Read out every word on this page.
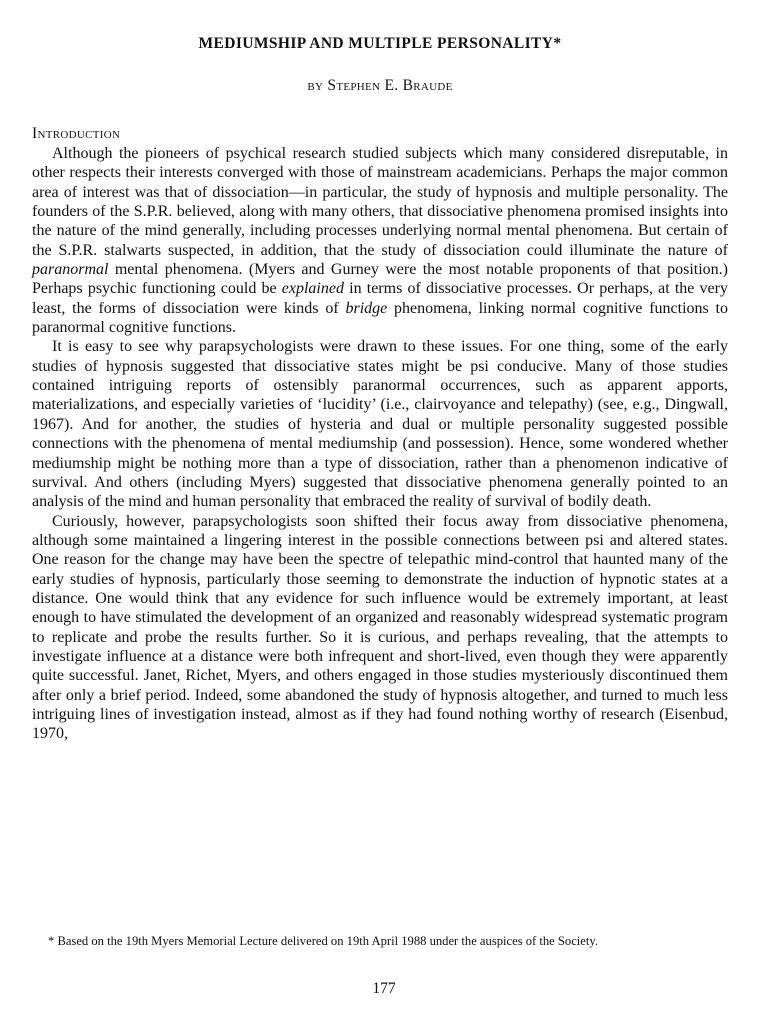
MEDIUMSHIP AND MULTIPLE PERSONALITY*
by Stephen E. Braude
Introduction

Although the pioneers of psychical research studied subjects which many considered disreputable, in other respects their interests converged with those of mainstream academicians. Perhaps the major common area of interest was that of dissociation—in particular, the study of hypnosis and multiple personality. The founders of the S.P.R. believed, along with many others, that dissociative phenomena promised insights into the nature of the mind generally, including processes underlying normal mental phenomena. But certain of the S.P.R. stalwarts suspected, in addition, that the study of dissociation could illuminate the nature of paranormal mental phenomena. (Myers and Gurney were the most notable proponents of that position.) Perhaps psychic functioning could be explained in terms of dissociative processes. Or perhaps, at the very least, the forms of dissociation were kinds of bridge phenomena, linking normal cognitive functions to paranormal cognitive functions.

It is easy to see why parapsychologists were drawn to these issues. For one thing, some of the early studies of hypnosis suggested that dissociative states might be psi conducive. Many of those studies contained intriguing reports of ostensibly paranormal occurrences, such as apparent apports, materializations, and especially varieties of ‘lucidity’ (i.e., clairvoyance and telepathy) (see, e.g., Dingwall, 1967). And for another, the studies of hysteria and dual or multiple personality suggested possible connections with the phenomena of mental mediumship (and possession). Hence, some wondered whether mediumship might be nothing more than a type of dissociation, rather than a phenomenon indicative of survival. And others (including Myers) suggested that dissociative phenomena generally pointed to an analysis of the mind and human personality that embraced the reality of survival of bodily death.

Curiously, however, parapsychologists soon shifted their focus away from dissociative phenomena, although some maintained a lingering interest in the possible connections between psi and altered states. One reason for the change may have been the spectre of telepathic mind-control that haunted many of the early studies of hypnosis, particularly those seeming to demonstrate the induction of hypnotic states at a distance. One would think that any evidence for such influence would be extremely important, at least enough to have stimulated the development of an organized and reasonably widespread systematic program to replicate and probe the results further. So it is curious, and perhaps revealing, that the attempts to investigate influence at a distance were both infrequent and short-lived, even though they were apparently quite successful. Janet, Richet, Myers, and others engaged in those studies mysteriously discontinued them after only a brief period. Indeed, some abandoned the study of hypnosis altogether, and turned to much less intriguing lines of investigation instead, almost as if they had found nothing worthy of research (Eisenbud, 1970,

* Based on the 19th Myers Memorial Lecture delivered on 19th April 1988 under the auspices of the Society.
177
